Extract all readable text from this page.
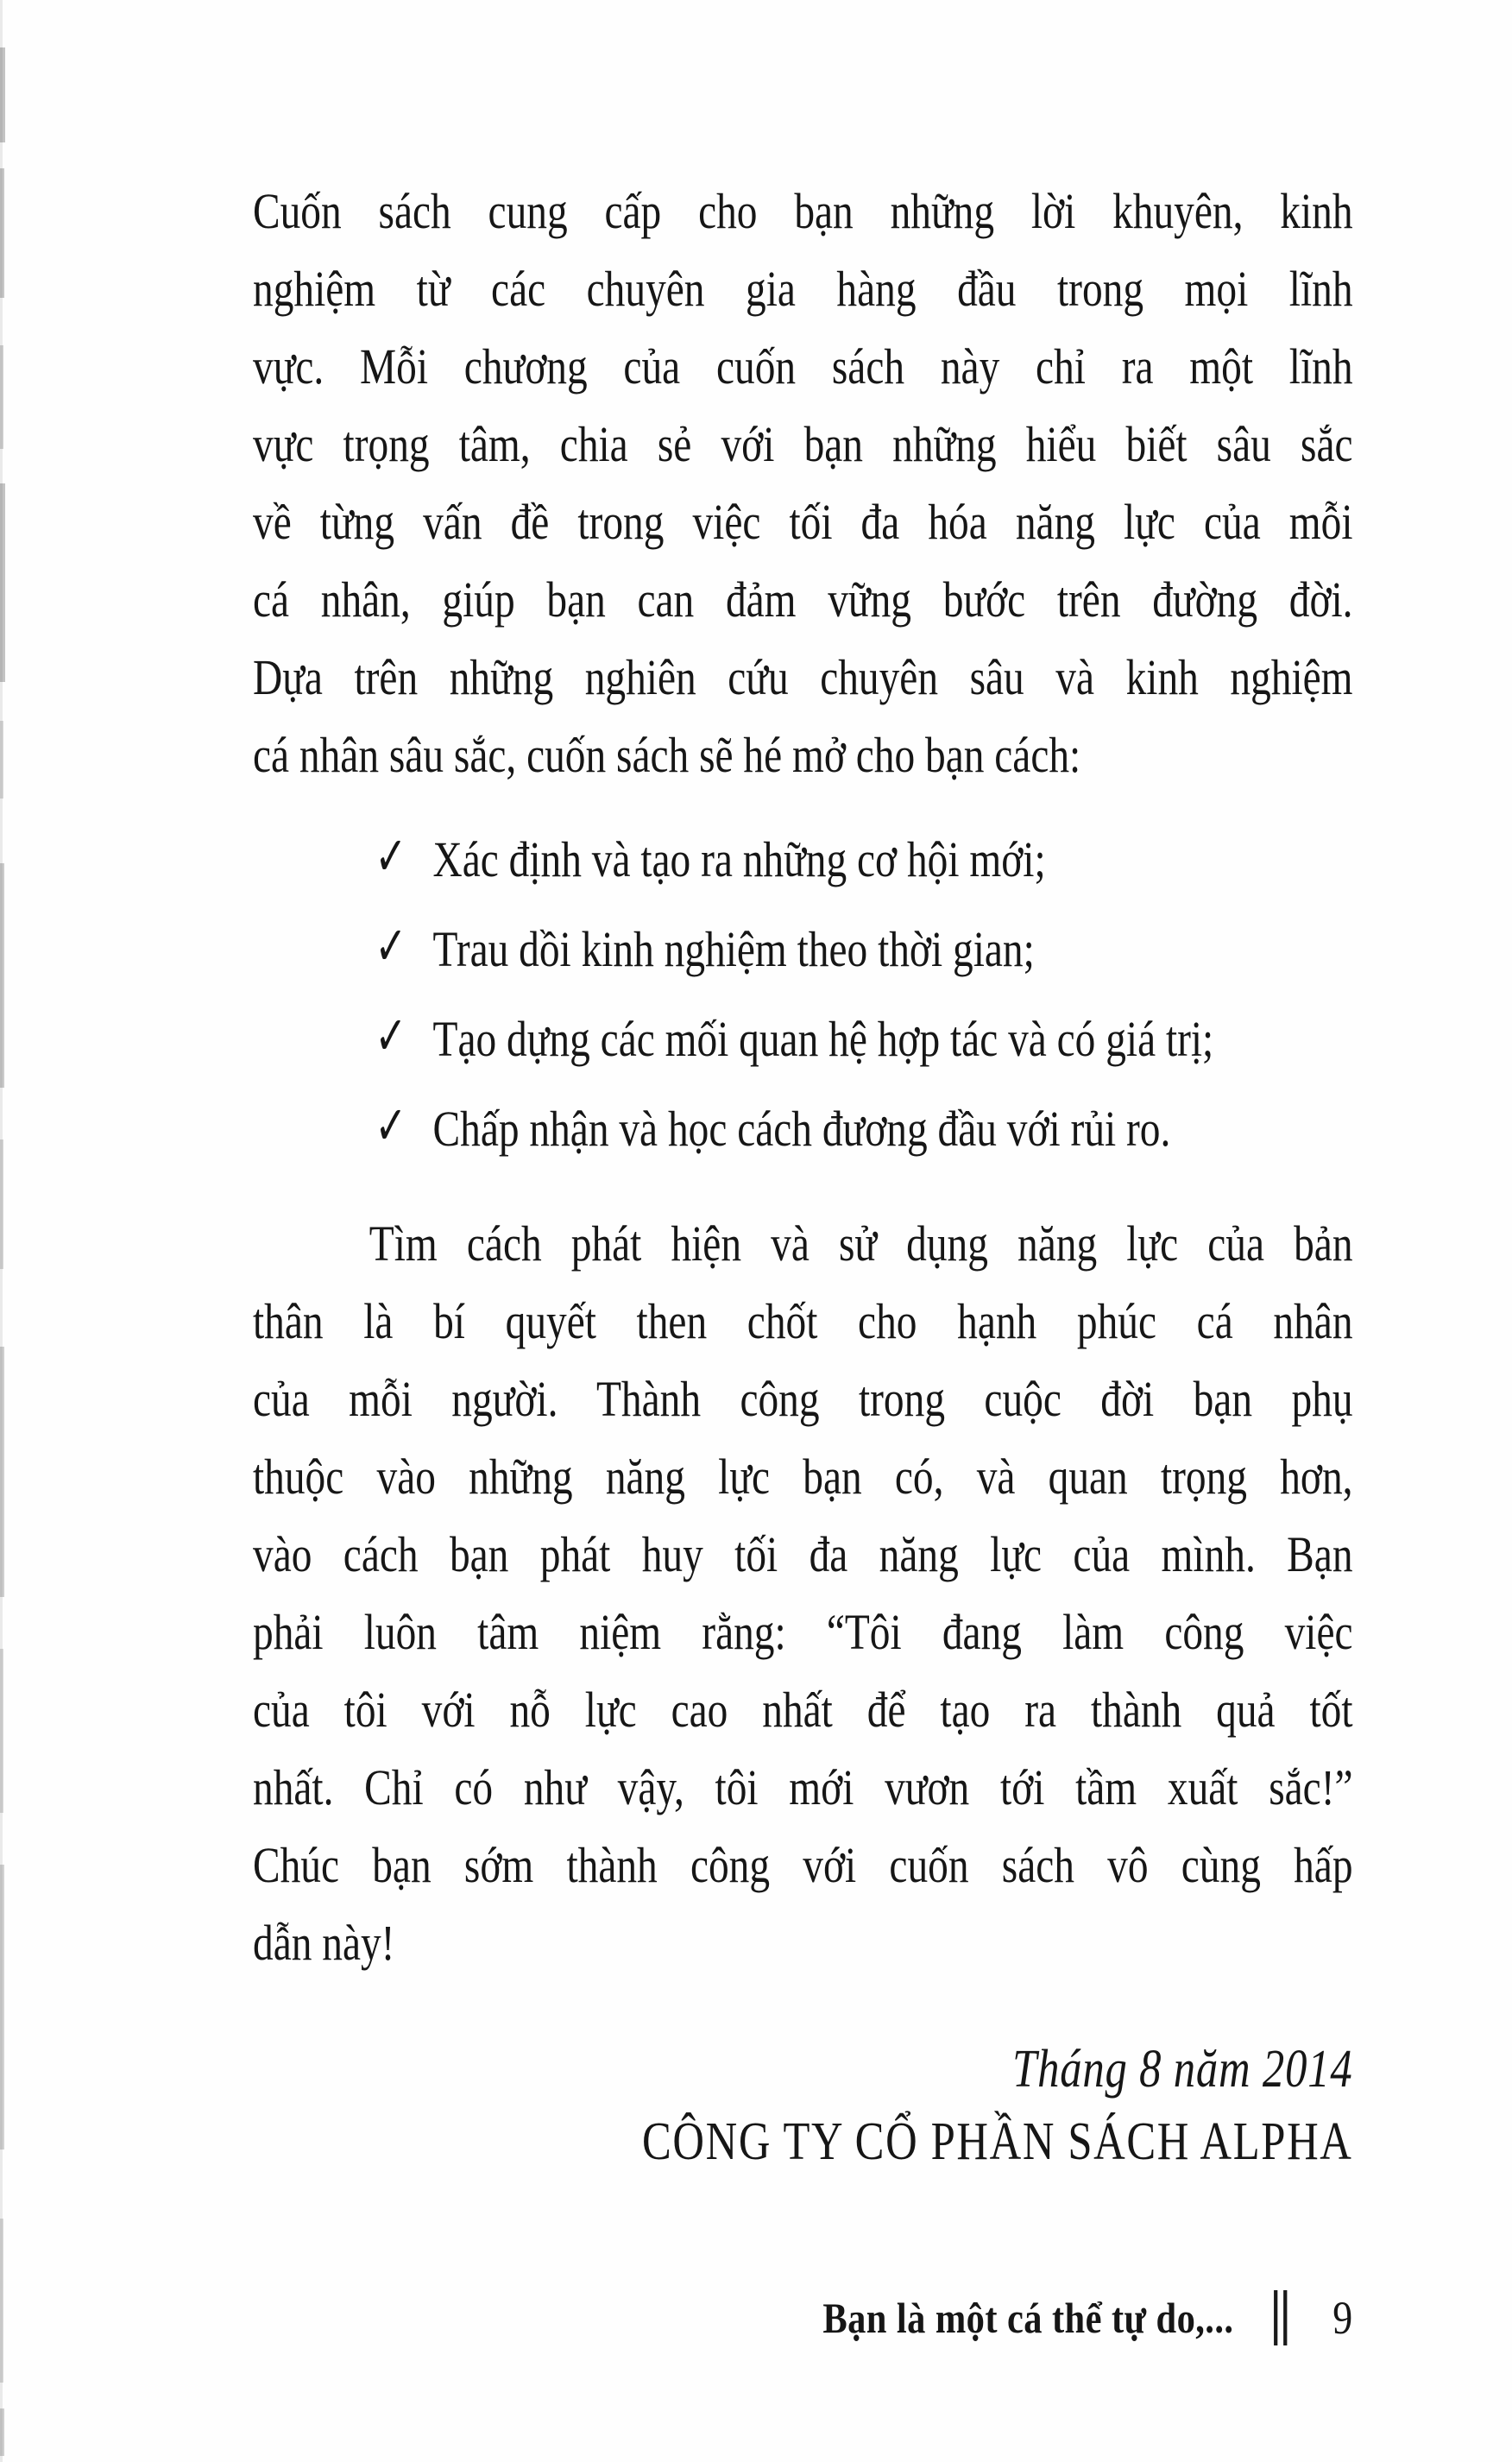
Cuốn sách cung cấp cho bạn những lời khuyên, kinh
nghiệm từ các chuyên gia hàng đầu trong mọi lĩnh
vực. Mỗi chương của cuốn sách này chỉ ra một lĩnh
vực trọng tâm, chia sẻ với bạn những hiểu biết sâu sắc
về từng vấn đề trong việc tối đa hóa năng lực của mỗi
cá nhân, giúp bạn can đảm vững bước trên đường đời.
Dựa trên những nghiên cứu chuyên sâu và kinh nghiệm
cá nhân sâu sắc, cuốn sách sẽ hé mở cho bạn cách:
✓ Xác định và tạo ra những cơ hội mới;
✓ Trau dồi kinh nghiệm theo thời gian;
✓ Tạo dựng các mối quan hệ hợp tác và có giá trị;
✓ Chấp nhận và học cách đương đầu với rủi ro.
Tìm cách phát hiện và sử dụng năng lực của bản
thân là bí quyết then chốt cho hạnh phúc cá nhân
của mỗi người. Thành công trong cuộc đời bạn phụ
thuộc vào những năng lực bạn có, và quan trọng hơn,
vào cách bạn phát huy tối đa năng lực của mình. Bạn
phải luôn tâm niệm rằng: “Tôi đang làm công việc
của tôi với nỗ lực cao nhất để tạo ra thành quả tốt
nhất. Chỉ có như vậy, tôi mới vươn tới tầm xuất sắc!”
Chúc bạn sớm thành công với cuốn sách vô cùng hấp
dẫn này!
Tháng 8 năm 2014
CÔNG TY CỔ PHẦN SÁCH ALPHA
Bạn là một cá thể tự do,... 9
